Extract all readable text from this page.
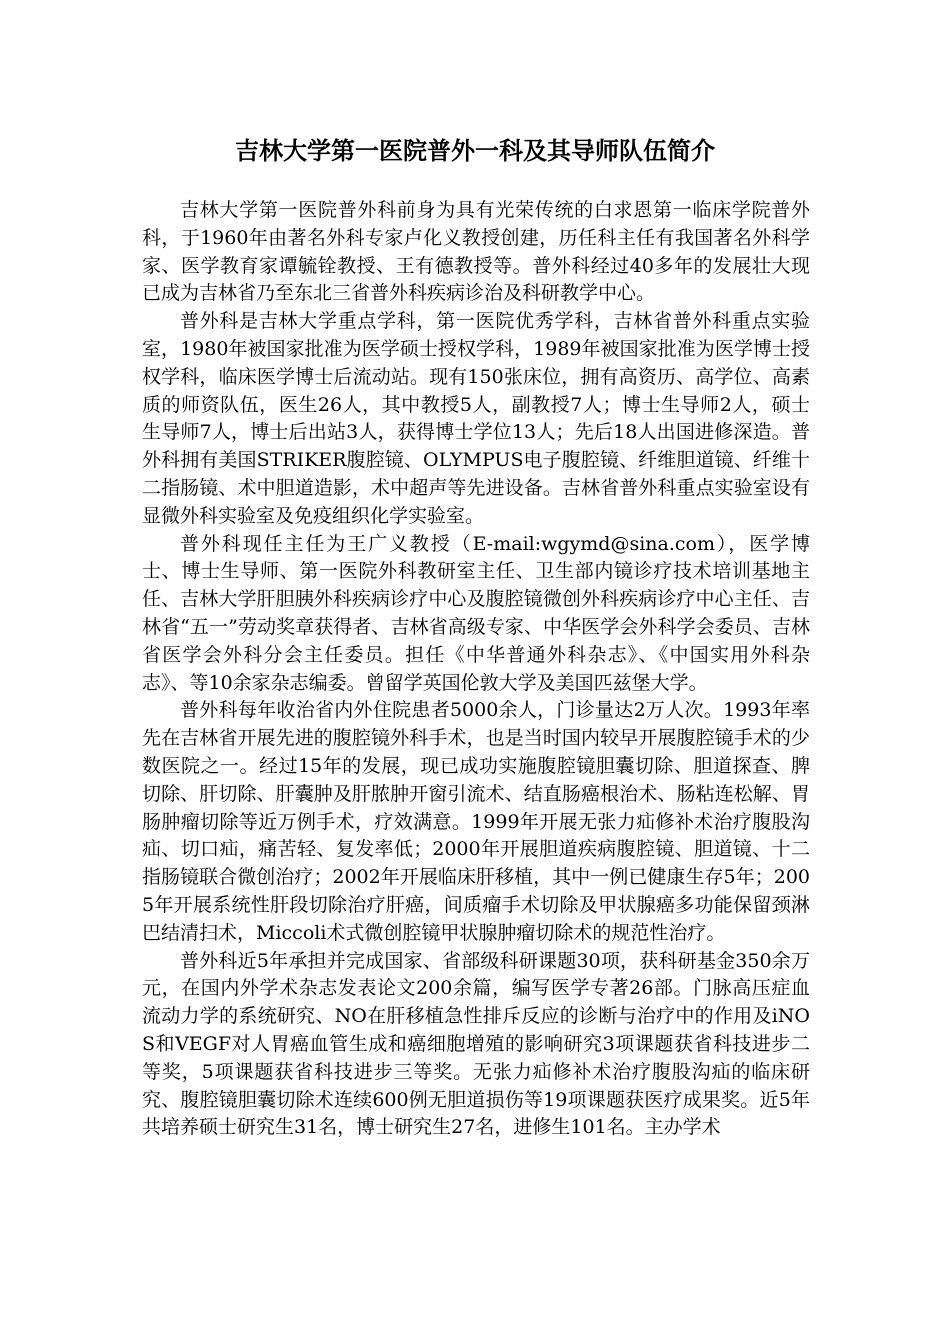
吉林大学第一医院普外一科及其导师队伍简介

吉林大学第一医院普外科前身为具有光荣传统的白求恩第一临床学院普外科，于1960年由著名外科专家卢化义教授创建，历任科主任有我国著名外科学家、医学教育家谭毓铨教授、王有德教授等。普外科经过40多年的发展壮大现已成为吉林省乃至东北三省普外科疾病诊治及科研教学中心。

普外科是吉林大学重点学科，第一医院优秀学科，吉林省普外科重点实验室，1980年被国家批准为医学硕士授权学科，1989年被国家批准为医学博士授权学科，临床医学博士后流动站。现有150张床位，拥有高资历、高学位、高素质的师资队伍，医生26人，其中教授5人，副教授7人；博士生导师2人，硕士生导师7人，博士后出站3人，获得博士学位13人；先后18人出国进修深造。普外科拥有美国STRIKER腹腔镜、OLYMPUS电子腹腔镜、纤维胆道镜、纤维十二指肠镜、术中胆道造影，术中超声等先进设备。吉林省普外科重点实验室设有显微外科实验室及免疫组织化学实验室。

普外科现任主任为王广义教授（E-mail:wgymd@sina.com），医学博士、博士生导师、第一医院外科教研室主任、卫生部内镜诊疗技术培训基地主任、吉林大学肝胆胰外科疾病诊疗中心及腹腔镜微创外科疾病诊疗中心主任、吉林省“五一”劳动奖章获得者、吉林省高级专家、中华医学会外科学会委员、吉林省医学会外科分会主任委员。担任《中华普通外科杂志》、《中国实用外科杂志》、等10余家杂志编委。曾留学英国伦敦大学及美国匹兹堡大学。

普外科每年收治省内外住院患者5000余人，门诊量达2万人次。1993年率先在吉林省开展先进的腹腔镜外科手术，也是当时国内较早开展腹腔镜手术的少数医院之一。经过15年的发展，现已成功实施腹腔镜胆囊切除、胆道探查、脾切除、肝切除、肝囊肿及肝脓肿开窗引流术、结直肠癌根治术、肠粘连松解、胃肠肿瘤切除等近万例手术，疗效满意。1999年开展无张力疝修补术治疗腹股沟疝、切口疝，痛苦轻、复发率低；2000年开展胆道疾病腹腔镜、胆道镜、十二指肠镜联合微创治疗；2002年开展临床肝移植，其中一例已健康生存5年；2005年开展系统性肝段切除治疗肝癌，间质瘤手术切除及甲状腺癌多功能保留颈淋巴结清扫术，Miccoli术式微创腔镜甲状腺肿瘤切除术的规范性治疗。

普外科近5年承担并完成国家、省部级科研课题30项，获科研基金350余万元，在国内外学术杂志发表论文200余篇，编写医学专著26部。门脉高压症血流动力学的系统研究、NO在肝移植急性排斥反应的诊断与治疗中的作用及iNOS和VEGF对人胃癌血管生成和癌细胞增殖的影响研究3项课题获省科技进步二等奖，5项课题获省科技进步三等奖。无张力疝修补术治疗腹股沟疝的临床研究、腹腔镜胆囊切除术连续600例无胆道损伤等19项课题获医疗成果奖。近5年共培养硕士研究生31名，博士研究生27名，进修生101名。主办学术
